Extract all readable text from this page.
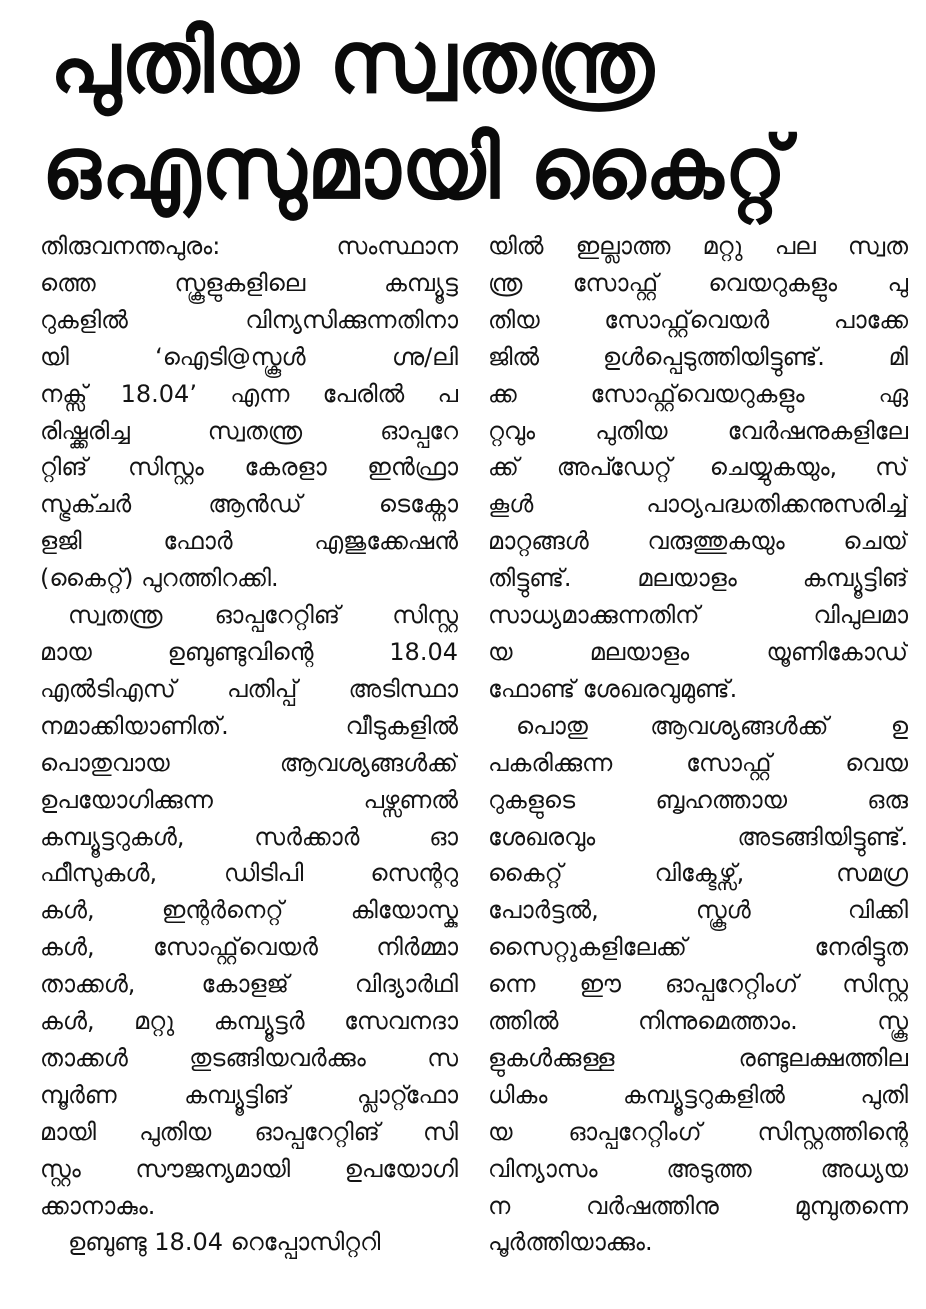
പുതിയ സ്വതന്ത്ര
ഒഎസുമായി കൈറ്റ്
തിരുവനന്തപുരം: സംസ്ഥാന
ത്തെ സ്കൂളുകളിലെ കമ്പ്യൂട്ട
റുകളിൽ വിന്യസിക്കുന്നതിനാ
യി ‘ഐടി@സ്കൂൾ ഗ്നു/ലി
നക്സ് 18.04’ എന്ന പേരിൽ പ
രിഷ്ക്കരിച്ച സ്വതന്ത്ര ഓപ്പറേ
റ്റിങ് സിസ്റ്റം കേരളാ ഇൻഫ്രാ
സ്ട്രക്ചർ ആൻഡ് ടെക്നോ
ളജി ഫോർ എജുക്കേഷൻ
(കൈറ്റ്) പുറത്തിറക്കി.
സ്വതന്ത്ര ഓപ്പറേറ്റിങ് സിസ്റ്റ
മായ ഉബുണ്ടുവിന്റെ 18.04
എൽടിഎസ് പതിപ്പ് അടിസ്ഥാ
നമാക്കിയാണിത്. വീടുകളിൽ
പൊതുവായ ആവശ്യങ്ങൾക്ക്
ഉപയോഗിക്കുന്ന പഴ്സണൽ
കമ്പ്യൂട്ടറുകൾ, സർക്കാർ ഓ
ഫീസുകൾ, ഡിടിപി സെന്ററു
കൾ, ഇന്റർനെറ്റ് കിയോസ്കു
കൾ, സോഫ്റ്റ്‌വെയർ നിർമ്മാ
താക്കൾ, കോളജ് വിദ്യാർഥി
കൾ, മറ്റു കമ്പ്യൂട്ടർ സേവനദാ
താക്കൾ തുടങ്ങിയവർക്കും സ
മ്പൂർണ കമ്പ്യൂട്ടിങ് പ്ലാറ്റ്ഫോ
മായി പുതിയ ഓപ്പറേറ്റിങ് സി
സ്റ്റം സൗജന്യമായി ഉപയോഗി
ക്കാനാകും.
ഉബുണ്ടു 18.04 റെപ്പോസിറ്ററി
യിൽ ഇല്ലാത്ത മറ്റു പല സ്വത
ന്ത്ര സോഫ്റ്റ് വെയറുകളും പു
തിയ സോഫ്റ്റ്‌വെയർ പാക്കേ
ജിൽ ഉൾപ്പെടുത്തിയിട്ടുണ്ട്. മി
ക്ക സോഫ്റ്റ്‌വെയറുകളും ഏ
റ്റവും പുതിയ വേർഷനുകളിലേ
ക്ക് അപ്ഡേറ്റ് ചെയ്യുകയും, സ്
കൂൾ പാഠ്യപദ്ധതിക്കനുസരിച്ച്
മാറ്റങ്ങൾ വരുത്തുകയും ചെയ്
തിട്ടുണ്ട്. മലയാളം കമ്പ്യൂട്ടിങ്
സാധ്യമാക്കുന്നതിന് വിപുലമാ
യ മലയാളം യൂണികോഡ്
ഫോണ്ട് ശേഖരവുമുണ്ട്.
പൊതു ആവശ്യങ്ങൾക്ക് ഉ
പകരിക്കുന്ന സോഫ്റ്റ് വെയ
റുകളുടെ ബൃഹത്തായ ഒരു
ശേഖരവും അടങ്ങിയിട്ടുണ്ട്.
കൈറ്റ് വിക്ടേഴ്സ്, സമഗ്ര
പോർട്ടൽ, സ്കൂൾ വിക്കി
സൈറ്റുകളിലേക്ക് നേരിട്ടുത
ന്നെ ഈ ഓപ്പറേറ്റിംഗ് സിസ്റ്റ
ത്തിൽ നിന്നുമെത്താം. സ്കൂ
ളുകൾക്കുള്ള രണ്ടുലക്ഷത്തില
ധികം കമ്പ്യൂട്ടറുകളിൽ പുതി
യ ഓപ്പറേറ്റിംഗ് സിസ്റ്റത്തിന്റെ
വിന്യാസം അടുത്ത അധ്യയ
ന വർഷത്തിനു മുമ്പുതന്നെ
പൂർത്തിയാക്കും.
